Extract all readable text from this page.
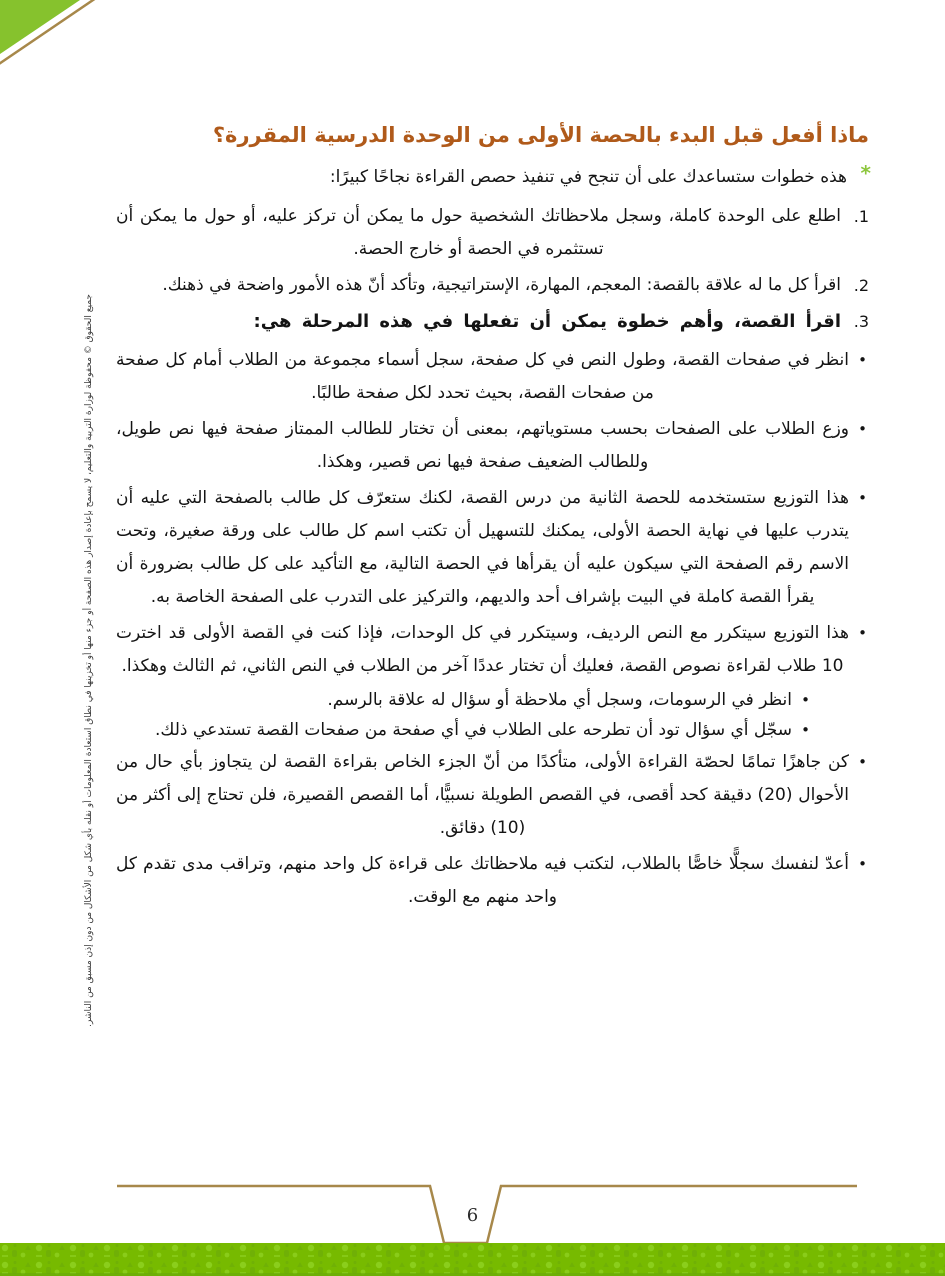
جميع الحقوق © محفوظة لوزارة التربية والتعليم، لا يسمح بإعادة إصدار هذه الصفحة أو جزء منها أو تخزينها في نطاق استعادة المعلومات أو نقله بأي شكل من الأشكال من دون إذن مسبق من الناشر.
ماذا أفعل قبل البدء بالحصة الأولى من الوحدة الدرسية المقررة؟
*

هذه خطوات ستساعدك على أن تنجح في تنفيذ حصص القراءة نجاحًا كبيرًا:

1.

اطلع على الوحدة كاملة، وسجل ملاحظاتك الشخصية حول ما يمكن أن تركز عليه، أو حول ما يمكن أن تستثمره في الحصة أو خارج الحصة.

2.

اقرأ كل ما له علاقة بالقصة: المعجم، المهارة، الإستراتيجية، وتأكد أنّ هذه الأمور واضحة في ذهنك.

3.

اقرأ القصة، وأهم خطوة يمكن أن تفعلها في هذه المرحلة هي:

•

انظر في صفحات القصة، وطول النص في كل صفحة، سجل أسماء مجموعة من الطلاب أمام كل صفحة من صفحات القصة، بحيث تحدد لكل صفحة طالبًا.

•

وزع الطلاب على الصفحات بحسب مستوياتهم، بمعنى أن تختار للطالب الممتاز صفحة فيها نص طويل، وللطالب الضعيف صفحة فيها نص قصير، وهكذا.

•

هذا التوزيع ستستخدمه للحصة الثانية من درس القصة، لكنك ستعرّف كل طالب بالصفحة التي عليه أن يتدرب عليها في نهاية الحصة الأولى، يمكنك للتسهيل أن تكتب اسم كل طالب على ورقة صغيرة، وتحت الاسم رقم الصفحة التي سيكون عليه أن يقرأها في الحصة التالية، مع التأكيد على كل طالب بضرورة أن يقرأ القصة كاملة في البيت بإشراف أحد والديهم، والتركيز على التدرب على الصفحة الخاصة به.

•

هذا التوزيع سيتكرر مع النص الرديف، وسيتكرر في كل الوحدات، فإذا كنت في القصة الأولى قد اخترت 10 طلاب لقراءة نصوص القصة، فعليك أن تختار عددًا آخر من الطلاب في النص الثاني، ثم الثالث وهكذا.

•

انظر في الرسومات، وسجل أي ملاحظة أو سؤال له علاقة بالرسم.

•

سجّل أي سؤال تود أن تطرحه على الطلاب في أي صفحة من صفحات القصة تستدعي ذلك.

•

كن جاهزًا تمامًا لحصّة القراءة الأولى، متأكدًا من أنّ الجزء الخاص بقراءة القصة لن يتجاوز بأي حال من الأحوال (20) دقيقة كحد أقصى، في القصص الطويلة نسبيًّا، أما القصص القصيرة، فلن تحتاج إلى أكثر من (10) دقائق.

•

أعدّ لنفسك سجلًّا خاصًّا بالطلاب، لتكتب فيه ملاحظاتك على قراءة كل واحد منهم، وتراقب مدى تقدم كل واحد منهم مع الوقت.

6
